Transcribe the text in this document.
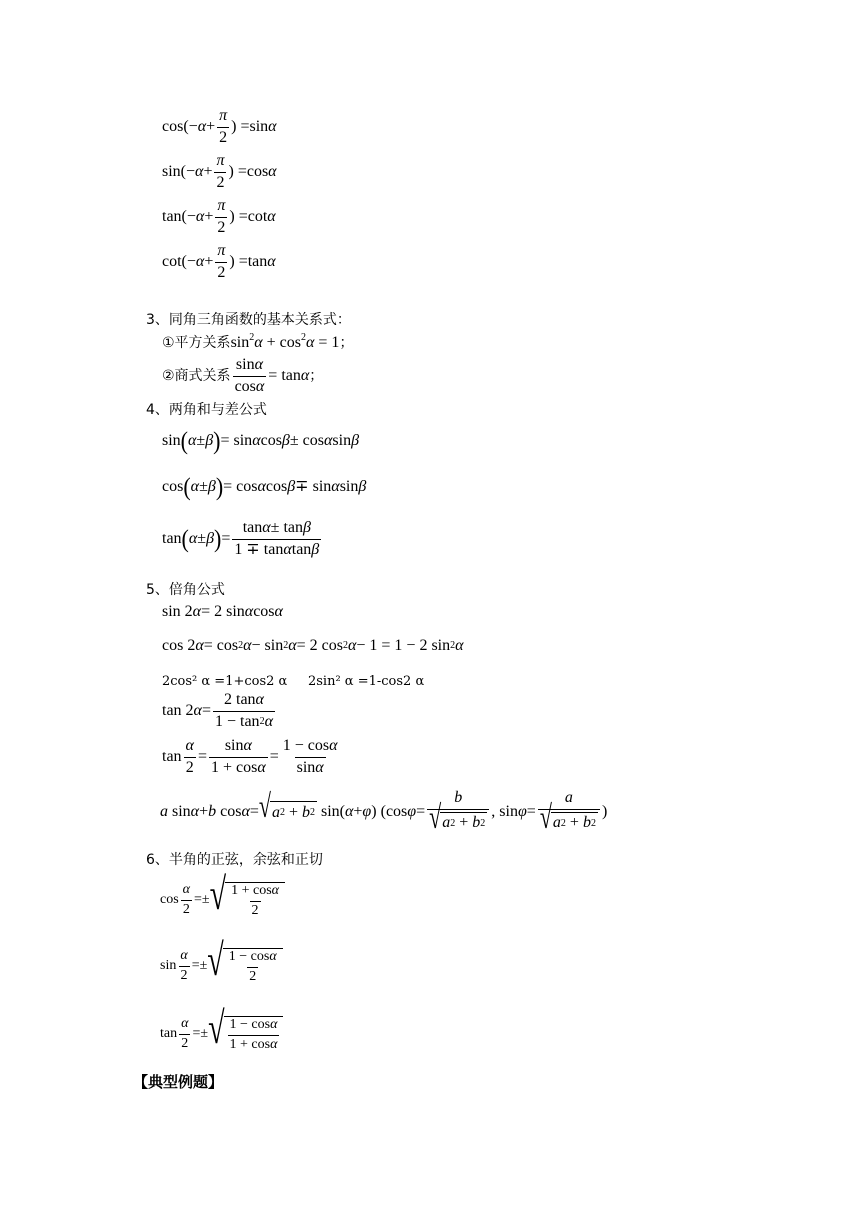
cos (− $\alpha + \frac{\pi}{2}$ ) = sin α
sin (− $\alpha + \frac{\pi}{2}$ ) = cos α
tan (− $\alpha + \frac{\pi}{2}$ ) = cot α
cot (− $\alpha + \frac{\pi}{2}$ ) = tan α
3、同角三角函数的基本关系式：
①平方关系 $\sin^2\alpha + \cos^2\alpha = 1$ ；
②商式关系 $\frac{\text{sin α}}{\text{cos α}} = \tan\alpha$ ；
4、两角和与差公式
sin ( α ± β ) = sin α cos β ± cos α sin β
cos ( α ± β ) = cos α cos β ∓ sin α sin β
tan ( α ± β ) = $\frac{\text{tan α ± tan β}}{\text{1 ∓ tan α tan β}}$
5、倍角公式
sin 2 α = 2 sin α cos α
cos 2 α = cos 2 α − sin 2 α = 2 cos 2 α − 1 = 1 − 2 sin 2 α
2cos² α =1+cos2 α     2sin² α =1-cos2 α
tan 2 $\alpha = \frac{\text{2 tan α}}{1 - \tan 2 \alpha}$
$\tan \frac{\alpha}{2} = \frac{\text{sin α}}{\text{1 + cos α}} = \frac{\text{1 − cos α}}{\text{sin α}}$
a sin α + b cos α = √ a 2 + b 2 sin( α + φ ) (cos $\varphi = \frac{b}{√ a 2 + b 2}$ , $\sin \varphi = \frac{a}{√ a 2 + b 2}$ )
6、半角的正弦，余弦和正切
$\cos \frac{\alpha}{2}$ =± √ $\frac{\text{1 + cos α}}{2}$
$\sin \frac{\alpha}{2}$ =± √ $\frac{\text{1 − cos α}}{2}$
$\tan \frac{\alpha}{2}$ =± √ $\frac{\text{1 − cos α}}{\text{1 + cos α}}$
【典型例题】
